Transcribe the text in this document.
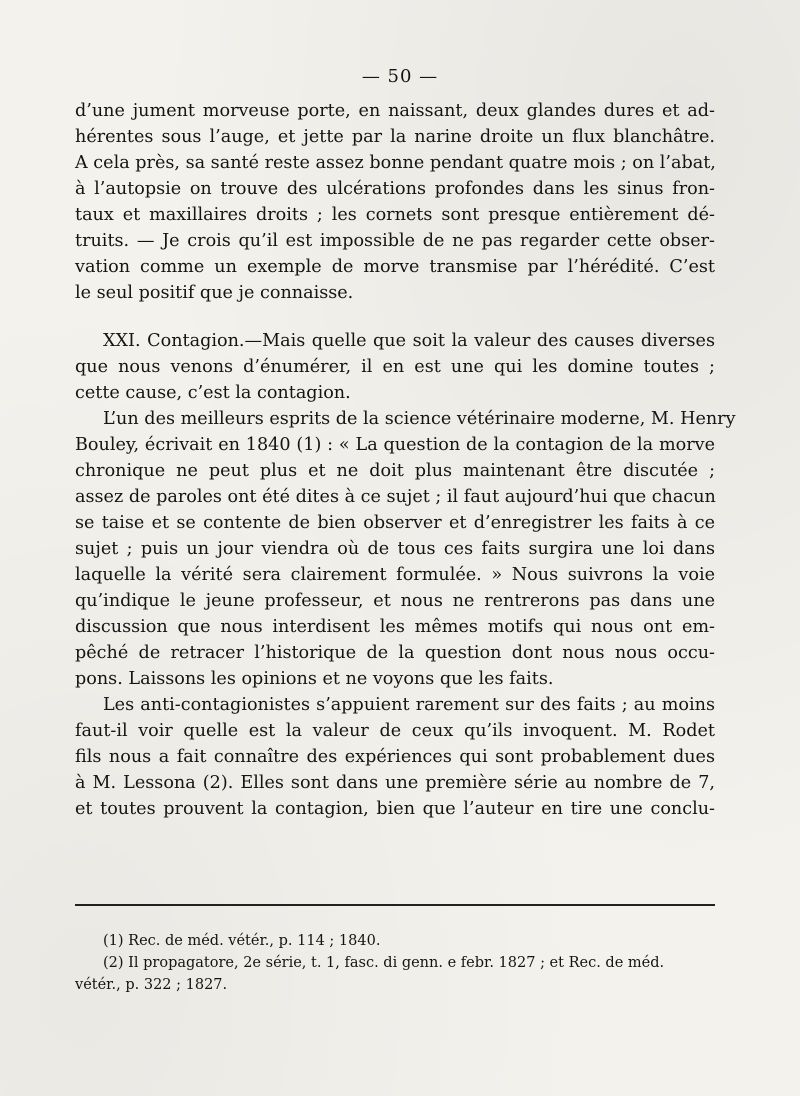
— 50 —
d’une jument morveuse porte, en naissant, deux glandes dures et ad-
hérentes sous l’auge, et jette par la narine droite un flux blanchâtre.
A cela près, sa santé reste assez bonne pendant quatre mois ; on l’abat,
à l’autopsie on trouve des ulcérations profondes dans les sinus fron-
taux et maxillaires droits ; les cornets sont presque entièrement dé-
truits. — Je crois qu’il est impossible de ne pas regarder cette obser-
vation comme un exemple de morve transmise par l’hérédité. C’est
le seul positif que je connaisse.
XXI. Contagion.—Mais quelle que soit la valeur des causes diverses
que nous venons d’énumérer, il en est une qui les domine toutes ;
cette cause, c’est la contagion.
L’un des meilleurs esprits de la science vétérinaire moderne, M. Henry
Bouley, écrivait en 1840 (1) : « La question de la contagion de la morve
chronique ne peut plus et ne doit plus maintenant être discutée ;
assez de paroles ont été dites à ce sujet ; il faut aujourd’hui que chacun
se taise et se contente de bien observer et d’enregistrer les faits à ce
sujet ; puis un jour viendra où de tous ces faits surgira une loi dans
laquelle la vérité sera clairement formulée. » Nous suivrons la voie
qu’indique le jeune professeur, et nous ne rentrerons pas dans une
discussion que nous interdisent les mêmes motifs qui nous ont em-
pêché de retracer l’historique de la question dont nous nous occu-
pons. Laissons les opinions et ne voyons que les faits.
Les anti-contagionistes s’appuient rarement sur des faits ; au moins
faut-il voir quelle est la valeur de ceux qu’ils invoquent. M. Rodet
fils nous a fait connaître des expériences qui sont probablement dues
à M. Lessona (2). Elles sont dans une première série au nombre de 7,
et toutes prouvent la contagion, bien que l’auteur en tire une conclu-
(1) Rec. de méd. vétér., p. 114 ; 1840.
(2) Il propagatore, 2e série, t. 1, fasc. di genn. e febr. 1827 ; et Rec. de méd.
vétér., p. 322 ; 1827.
